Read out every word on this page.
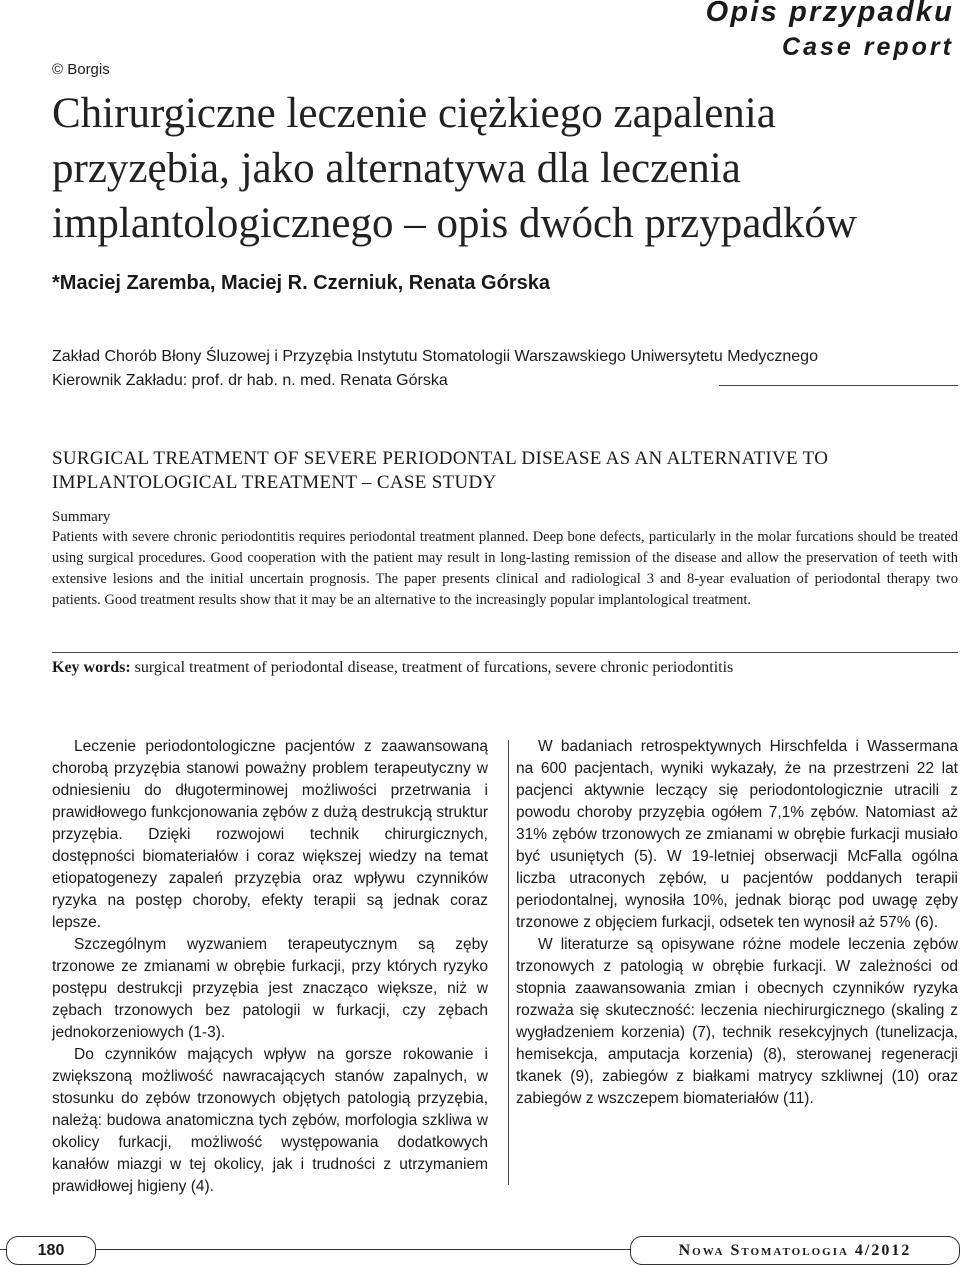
© Borgis
Opis przypadku
Case report
Chirurgiczne leczenie ciężkiego zapalenia
przyzębia, jako alternatywa dla leczenia
implantologicznego – opis dwóch przypadków
*Maciej Zaremba, Maciej R. Czerniuk, Renata Górska
Zakład Chorób Błony Śluzowej i Przyzębia Instytutu Stomatologii Warszawskiego Uniwersytetu Medycznego
Kierownik Zakładu: prof. dr hab. n. med. Renata Górska
SURGICAL TREATMENT OF SEVERE PERIODONTAL DISEASE AS AN ALTERNATIVE TO
IMPLANTOLOGICAL TREATMENT – CASE STUDY
Summary
Patients with severe chronic periodontitis requires periodontal treatment planned. Deep bone defects, particularly in the molar furcations should be treated using surgical procedures. Good cooperation with the patient may result in long-lasting remission of the disease and allow the preservation of teeth with extensive lesions and the initial uncertain prognosis. The paper presents clinical and radiological 3 and 8-year evaluation of periodontal therapy two patients. Good treatment results show that it may be an alternative to the increasingly popular implantological treatment.
Key words: surgical treatment of periodontal disease, treatment of furcations, severe chronic periodontitis

Leczenie periodontologiczne pacjentów z zaawansowaną chorobą przyzębia stanowi poważny problem terapeutyczny w odniesieniu do długoterminowej możliwości przetrwania i prawidłowego funkcjonowania zębów z dużą destrukcją struktur przyzębia. Dzięki rozwojowi technik chirurgicznych, dostępności biomateriałów i coraz większej wiedzy na temat etiopatogenezy zapaleń przyzębia oraz wpływu czynników ryzyka na postęp choroby, efekty terapii są jednak coraz lepsze.

Szczególnym wyzwaniem terapeutycznym są zęby trzonowe ze zmianami w obrębie furkacji, przy których ryzyko postępu destrukcji przyzębia jest znacząco większe, niż w zębach trzonowych bez patologii w furkacji, czy zębach jednokorzeniowych (1-3).

Do czynników mających wpływ na gorsze rokowanie i zwiększoną możliwość nawracających stanów zapalnych, w stosunku do zębów trzonowych objętych patologią przyzębia, należą: budowa anatomiczna tych zębów, morfologia szkliwa w okolicy furkacji, możliwość występowania dodatkowych kanałów miazgi w tej okolicy, jak i trudności z utrzymaniem prawidłowej higieny (4).

W badaniach retrospektywnych Hirschfelda i Wassermana na 600 pacjentach, wyniki wykazały, że na przestrzeni 22 lat pacjenci aktywnie leczący się periodontologicznie utracili z powodu choroby przyzębia ogółem 7,1% zębów. Natomiast aż 31% zębów trzonowych ze zmianami w obrębie furkacji musiało być usuniętych (5). W 19-letniej obserwacji McFalla ogólna liczba utraconych zębów, u pacjentów poddanych terapii periodontalnej, wynosiła 10%, jednak biorąc pod uwagę zęby trzonowe z objęciem furkacji, odsetek ten wynosił aż 57% (6).

W literaturze są opisywane różne modele leczenia zębów trzonowych z patologią w obrębie furkacji. W zależności od stopnia zaawansowania zmian i obecnych czynników ryzyka rozważa się skuteczność: leczenia niechirurgicznego (skaling z wygładzeniem korzenia) (7), technik resekcyjnych (tunelizacja, hemisekcja, amputacja korzenia) (8), sterowanej regeneracji tkanek (9), zabiegów z białkami matrycy szkliwnej (10) oraz zabiegów z wszczepem biomateriałów (11).

180	Nowa Stomatologia 4/2012
